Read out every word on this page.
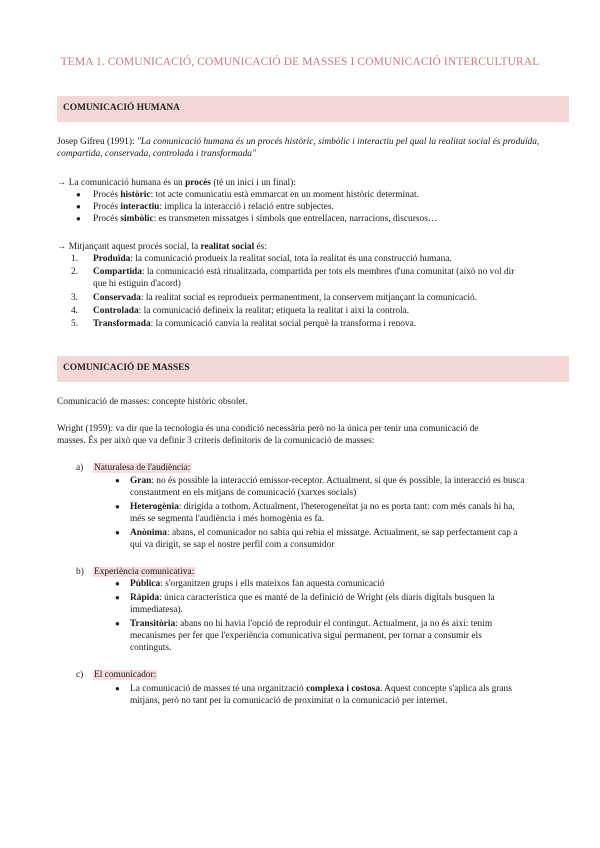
TEMA 1. COMUNICACIÓ, COMUNICACIÓ DE MASSES I COMUNICACIÓ INTERCULTURAL
COMUNICACIÓ HUMANA
Josep Gifreu (1991): "La comunicació humana és un procés històric, simbòlic i interactiu pel qual la realitat social és produïda,
compartida, conservada, controlada i transformada"
→ La comunicació humana és un procés (té un inici i un final):
● Procés històric: tot acte comunicatiu està emmarcat en un moment històric determinat.
● Procés interactiu: implica la interacció i relació entre subjectes.
● Procés simbòlic: es transmeten missatges i símbols que entrellacen, narracions, discursos…
→ Mitjançant aquest procés social, la realitat social és:
1. Produïda: la comunicació produeix la realitat social, tota la realitat és una construcció humana.
2. Compartida: la comunicació està ritualitzada, compartida per tots els membres d'una comunitat (això no vol dir
que hi estiguin d'acord)
3. Conservada: la realitat social es reprodueix permanentment, la conservem mitjançant la comunicació.
4. Controlada: la comunicació defineix la realitat; etiqueta la realitat i així la controla.
5. Transformada: la comunicació canvia la realitat social perquè la transforma i renova.
COMUNICACIÓ DE MASSES
Comunicació de masses: concepte històric obsolet.
Wright (1959): va dir que la tecnologia és una condició necessària però no la única per tenir una comunicació de
masses. És per això que va definir 3 criteris definitoris de la comunicació de masses:
a) Naturalesa de l'audiència:
● Gran: no és possible la interacció emissor-receptor. Actualment, sí que és possible, la interacció es busca
constantment en els mitjans de comunicació (xarxes socials)
● Heterogènia: dirigida a tothom. Actualment, l'heterogeneïtat ja no es porta tant: com més canals hi ha,
més se segmenta l'audiència i més homogènia es fa.
● Anònima: abans, el comunicador no sabia qui rebia el missatge. Actualment, se sap perfectament cap a
qui va dirigit, se sap el nostre perfil com a consumidor
b) Experiència comunicativa:
● Pública: s'organitzen grups i ells mateixos fan aquesta comunicació
● Ràpida: única característica que es manté de la definició de Wright (els diaris digitals busquen la
immediatesa).
● Transitòria: abans no hi havia l'opció de reproduir el contingut. Actualment, ja no és així: tenim
mecanismes per fer que l'experiència comunicativa sigui permanent, per tornar a consumir els
continguts.
c) El comunicador:
● La comunicació de masses té una organització complexa i costosa. Aquest concepte s'aplica als grans
mitjans, però no tant per la comunicació de proximitat o la comunicació per internet.
